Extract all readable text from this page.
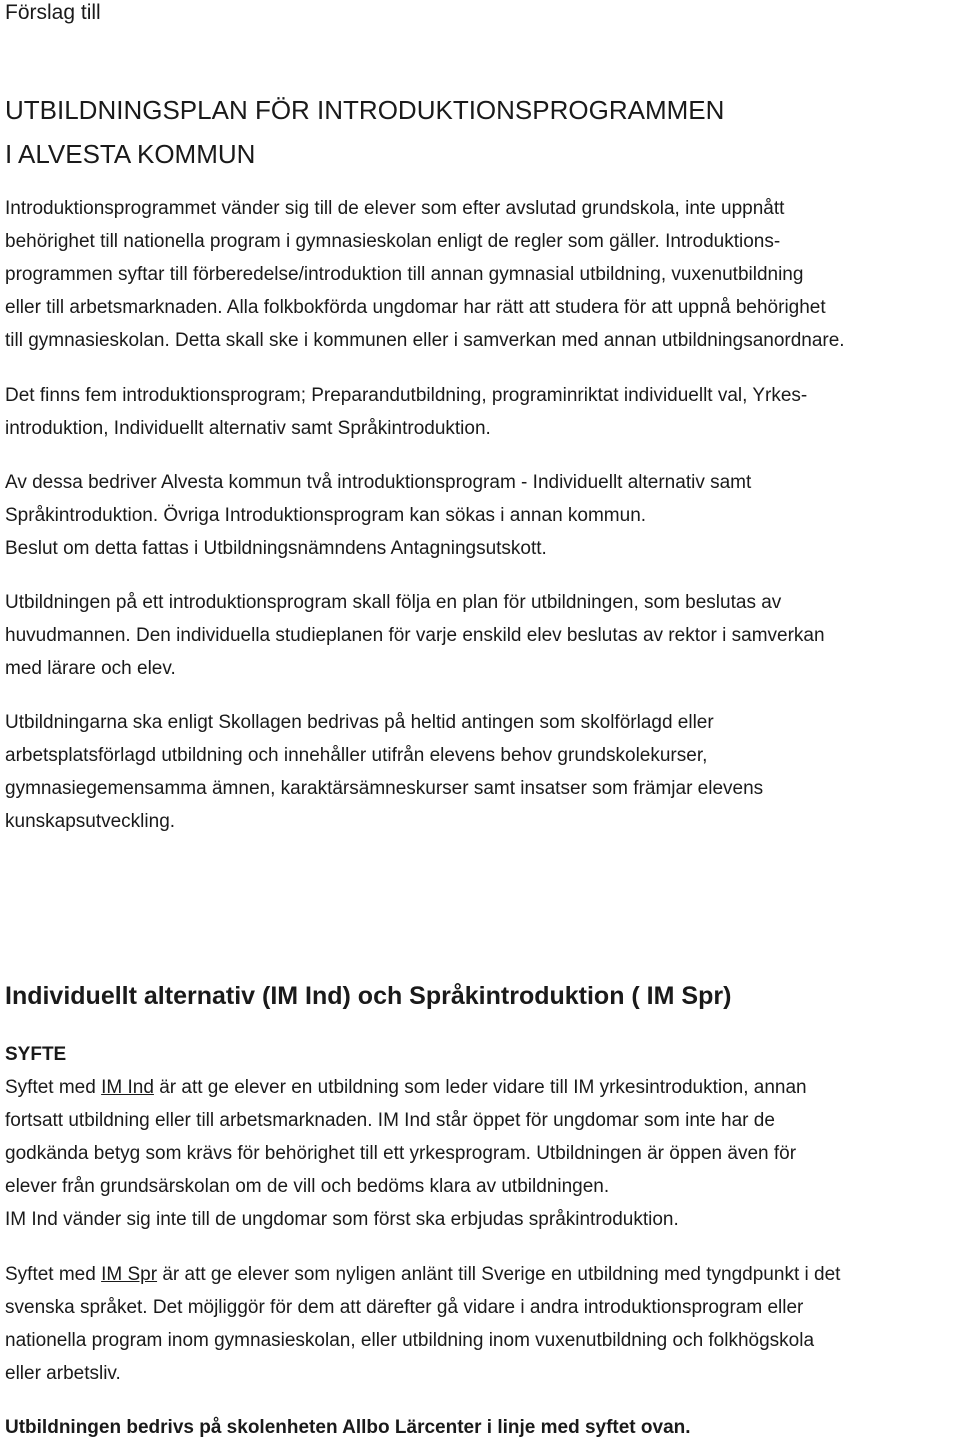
Förslag till

UTBILDNINGSPLAN FÖR INTRODUKTIONSPROGRAMMEN
I ALVESTA KOMMUN

Introduktionsprogrammet vänder sig till de elever som efter avslutad grundskola, inte uppnått
behörighet till nationella program i gymnasieskolan enligt de regler som gäller. Introduktions-
programmen syftar till förberedelse/introduktion till annan gymnasial utbildning, vuxenutbildning
eller till arbetsmarknaden. Alla folkbokförda ungdomar har rätt att studera för att uppnå behörighet
till gymnasieskolan. Detta skall ske i kommunen eller i samverkan med annan utbildningsanordnare.

Det finns fem introduktionsprogram; Preparandutbildning, programinriktat individuellt val, Yrkes-
introduktion, Individuellt alternativ samt Språkintroduktion.

Av dessa bedriver Alvesta kommun två introduktionsprogram - Individuellt alternativ samt
Språkintroduktion. Övriga Introduktionsprogram kan sökas i annan kommun.
Beslut om detta fattas i Utbildningsnämndens Antagningsutskott.

Utbildningen på ett introduktionsprogram skall följa en plan för utbildningen, som beslutas av
huvudmannen. Den individuella studieplanen för varje enskild elev beslutas av rektor i samverkan
med lärare och elev.

Utbildningarna ska enligt Skollagen bedrivas på heltid antingen som skolförlagd eller
arbetsplatsförlagd utbildning och innehåller utifrån elevens behov grundskolekurser,
gymnasiegemensamma ämnen, karaktärsämneskurser samt insatser som främjar elevens
kunskapsutveckling.

Individuellt alternativ (IM Ind) och Språkintroduktion ( IM Spr)
SYFTE

Syftet med IM Ind är att ge elever en utbildning som leder vidare till IM yrkesintroduktion, annan
fortsatt utbildning eller till arbetsmarknaden. IM Ind står öppet för ungdomar som inte har de
godkända betyg som krävs för behörighet till ett yrkesprogram. Utbildningen är öppen även för
elever från grundsärskolan om de vill och bedöms klara av utbildningen.
IM Ind vänder sig inte till de ungdomar som först ska erbjudas språkintroduktion.

Syftet med IM Spr är att ge elever som nyligen anlänt till Sverige en utbildning med tyngdpunkt i det
svenska språket. Det möjliggör för dem att därefter gå vidare i andra introduktionsprogram eller
nationella program inom gymnasieskolan, eller utbildning inom vuxenutbildning och folkhögskola
eller arbetsliv.

Utbildningen bedrivs på skolenheten Allbo Lärcenter i linje med syftet ovan.
